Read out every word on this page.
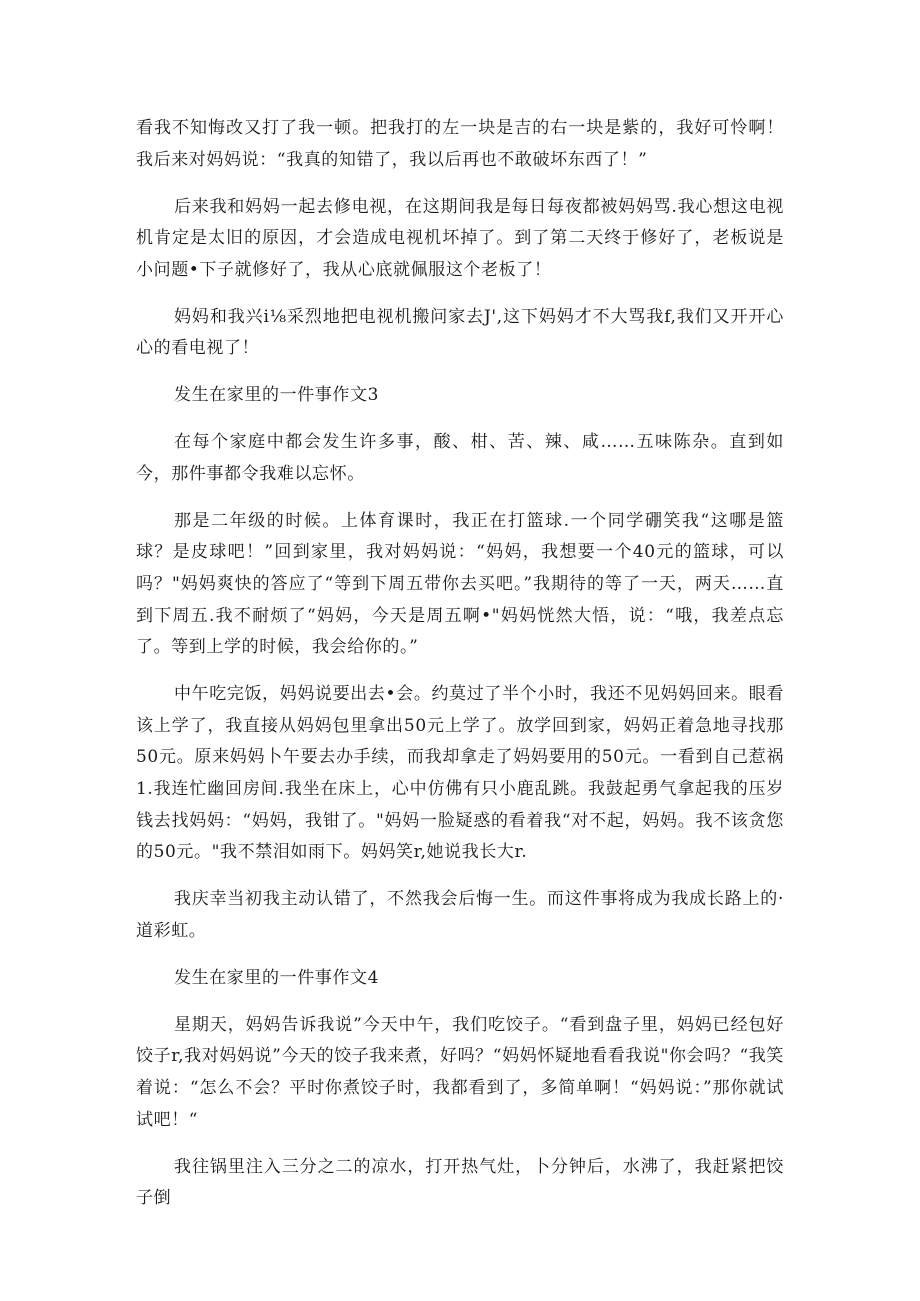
看我不知悔改又打了我一顿。把我打的左一块是吉的右一块是紫的，我好可怜啊！我后来对妈妈说：“我真的知错了，我以后再也不敢破坏东西了！”

后来我和妈妈一起去修电视，在这期间我是每日每夜都被妈妈骂.我心想这电视机肯定是太旧的原因，才会造成电视机坏掉了。到了第二天终于修好了，老板说是小问题•下子就修好了，我从心底就佩服这个老板了！

妈妈和我兴i⅛采烈地把电视机搬问家去J',这下妈妈才不大骂我f,我们又开开心心的看电视了！

发生在家里的一件事作文3

在每个家庭中都会发生许多事，酸、柑、苦、辣、咸……五味陈杂。直到如今，那件事都令我难以忘怀。

那是二年级的时候。上体育课时，我正在打篮球.一个同学硼笑我“这哪是篮球？是皮球吧！”回到家里，我对妈妈说：“妈妈，我想要一个40元的篮球，可以吗？"妈妈爽快的答应了“等到下周五带你去买吧。”我期待的等了一天，两天……直到下周五.我不耐烦了“妈妈，今天是周五啊•"妈妈恍然大悟，说：“哦，我差点忘了。等到上学的时候，我会给你的。”

中午吃完饭，妈妈说要出去•会。约莫过了半个小时，我还不见妈妈回来。眼看该上学了，我直接从妈妈包里拿出50元上学了。放学回到家，妈妈正着急地寻找那50元。原来妈妈卜午要去办手续，而我却拿走了妈妈要用的50元。一看到自己惹祸1.我连忙幽回房间.我坐在床上，心中仿佛有只小鹿乱跳。我鼓起勇气拿起我的压岁钱去找妈妈：“妈妈，我钳了。"妈妈一脸疑惑的看着我“对不起，妈妈。我不该贪您的50元。"我不禁泪如雨下。妈妈笑r,她说我长大r.

我庆幸当初我主动认错了，不然我会后悔一生。而这件事将成为我成长路上的·道彩虹。

发生在家里的一件事作文4

星期天，妈妈告诉我说”今天中午，我们吃饺子。“看到盘子里，妈妈已经包好饺子r,我对妈妈说”今天的饺子我来煮，好吗？“妈妈怀疑地看看我说"你会吗？“我笑着说：“怎么不会？平时你煮饺子时，我都看到了，多简单啊！“妈妈说：”那你就试试吧！“

我往锅里注入三分之二的凉水，打开热气灶，卜分钟后，水沸了，我赶紧把饺子倒
